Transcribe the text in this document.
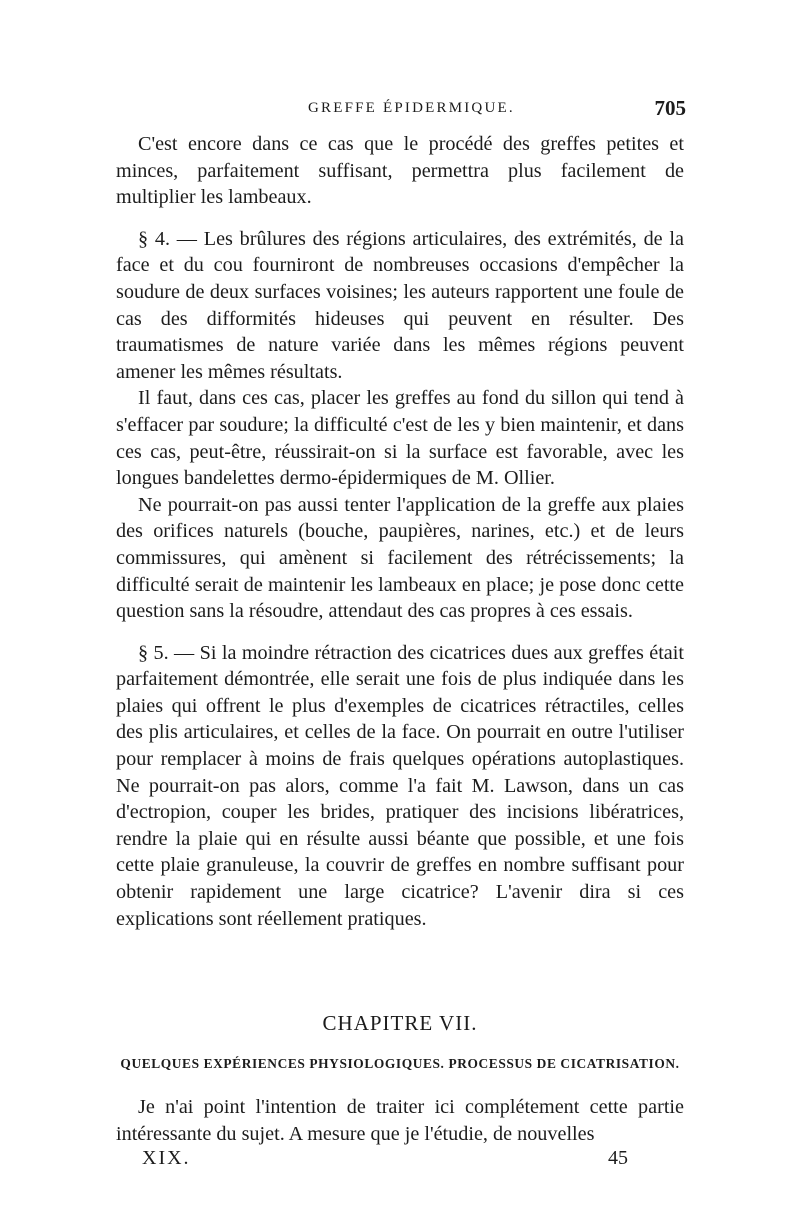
GREFFE ÉPIDERMIQUE.	705

C'est encore dans ce cas que le procédé des greffes petites et minces, parfaitement suffisant, permettra plus facilement de multiplier les lambeaux.

§ 4. — Les brûlures des régions articulaires, des extrémités, de la face et du cou fourniront de nombreuses occasions d'empêcher la soudure de deux surfaces voisines; les auteurs rapportent une foule de cas des difformités hideuses qui peuvent en résulter. Des traumatismes de nature variée dans les mêmes régions peuvent amener les mêmes résultats.

Il faut, dans ces cas, placer les greffes au fond du sillon qui tend à s'effacer par soudure; la difficulté c'est de les y bien maintenir, et dans ces cas, peut-être, réussirait-on si la surface est favorable, avec les longues bandelettes dermo-épidermiques de M. Ollier.

Ne pourrait-on pas aussi tenter l'application de la greffe aux plaies des orifices naturels (bouche, paupières, narines, etc.) et de leurs commissures, qui amènent si facilement des rétrécissements; la difficulté serait de maintenir les lambeaux en place; je pose donc cette question sans la résoudre, attendaut des cas propres à ces essais.

§ 5. — Si la moindre rétraction des cicatrices dues aux greffes était parfaitement démontrée, elle serait une fois de plus indiquée dans les plaies qui offrent le plus d'exemples de cicatrices rétractiles, celles des plis articulaires, et celles de la face. On pourrait en outre l'utiliser pour remplacer à moins de frais quelques opérations autoplastiques. Ne pourrait-on pas alors, comme l'a fait M. Lawson, dans un cas d'ectropion, couper les brides, pratiquer des incisions libératrices, rendre la plaie qui en résulte aussi béante que possible, et une fois cette plaie granuleuse, la couvrir de greffes en nombre suffisant pour obtenir rapidement une large cicatrice? L'avenir dira si ces explications sont réellement pratiques.

CHAPITRE VII.
QUELQUES EXPÉRIENCES PHYSIOLOGIQUES. PROCESSUS DE CICATRISATION.

Je n'ai point l'intention de traiter ici complétement cette partie intéressante du sujet. A mesure que je l'étudie, de nouvelles

XIX.	45
